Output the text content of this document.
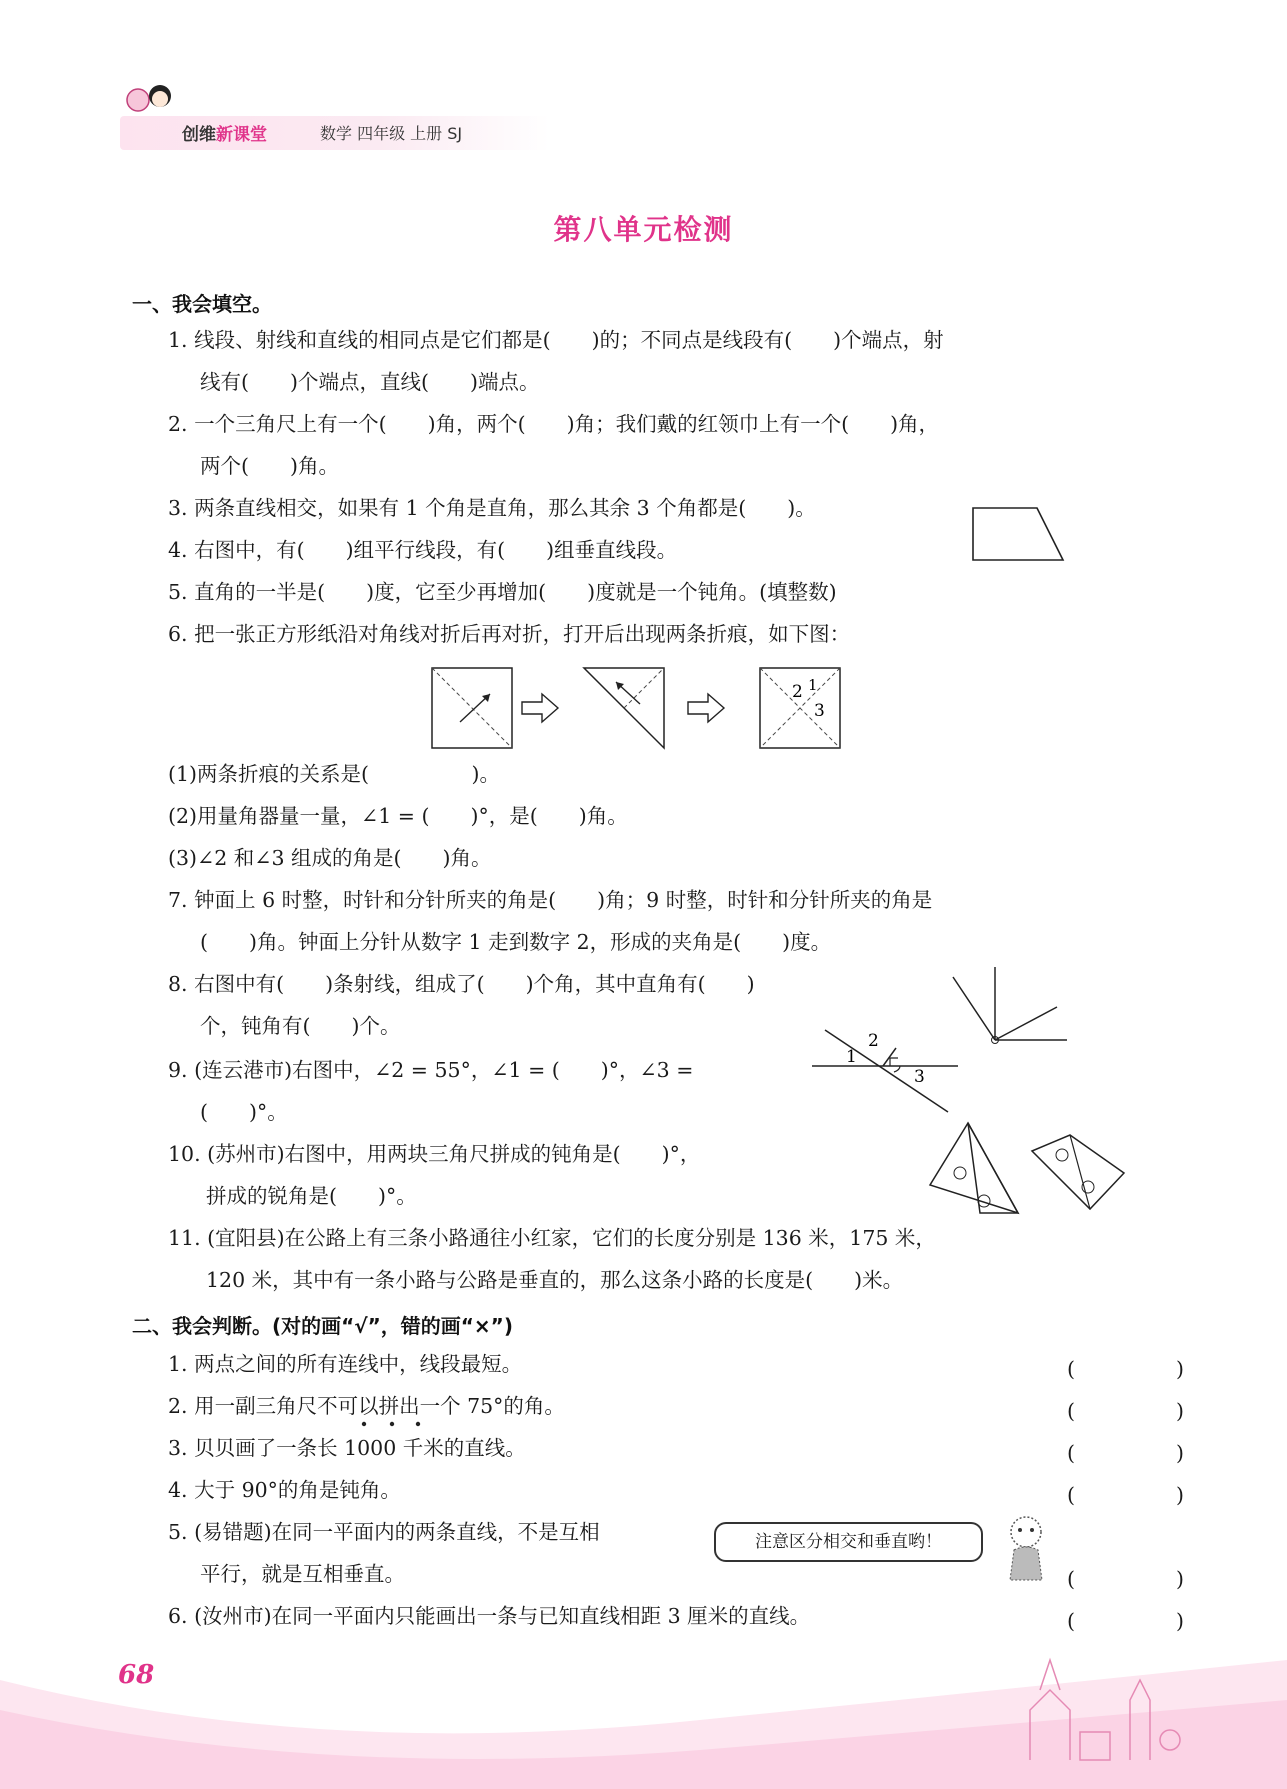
创维新课堂	数学 四年级 上册 SJ
第八单元检测
一、我会填空。
1. 线段、射线和直线的相同点是它们都是(　　)的；不同点是线段有(　　)个端点，射
线有(　　)个端点，直线(　　)端点。
2. 一个三角尺上有一个(　　)角，两个(　　)角；我们戴的红领巾上有一个(　　)角，
两个(　　)角。
3. 两条直线相交，如果有 1 个角是直角，那么其余 3 个角都是(　　)。
4. 右图中，有(　　)组平行线段，有(　　)组垂直线段。
5. 直角的一半是(　　)度，它至少再增加(　　)度就是一个钝角。(填整数)
6. 把一张正方形纸沿对角线对折后再对折，打开后出现两条折痕，如下图：
2 1
3
(1)两条折痕的关系是(　　　　　)。
(2)用量角器量一量，∠1 = (　　)°，是(　　)角。
(3)∠2 和∠3 组成的角是(　　)角。
7. 钟面上 6 时整，时针和分针所夹的角是(　　)角；9 时整，时针和分针所夹的角是
(　　)角。钟面上分针从数字 1 走到数字 2，形成的夹角是(　　)度。
8. 右图中有(　　)条射线，组成了(　　)个角，其中直角有(　　)
个，钝角有(　　)个。
1
2
3
9. (连云港市)右图中，∠2 = 55°，∠1 = (　　)°，∠3 =
(　　)°。
10. (苏州市)右图中，用两块三角尺拼成的钝角是(　　)°，
拼成的锐角是(　　)°。
11. (宜阳县)在公路上有三条小路通往小红家，它们的长度分别是 136 米，175 米，
120 米，其中有一条小路与公路是垂直的，那么这条小路的长度是(　　)米。
二、我会判断。(对的画“√”，错的画“×”)
1. 两点之间的所有连线中，线段最短。	(　　)
2. 用一副三角尺不可以拼出一个 75°的角。	(　　)
3. 贝贝画了一条长 1000 千米的直线。	(　　)
4. 大于 90°的角是钝角。	(　　)
5. (易错题)在同一平面内的两条直线，不是互相	注意区分相交和垂直哟！
平行，就是互相垂直。	(　　)
6. (汝州市)在同一平面内只能画出一条与已知直线相距 3 厘米的直线。	(　　)
68
